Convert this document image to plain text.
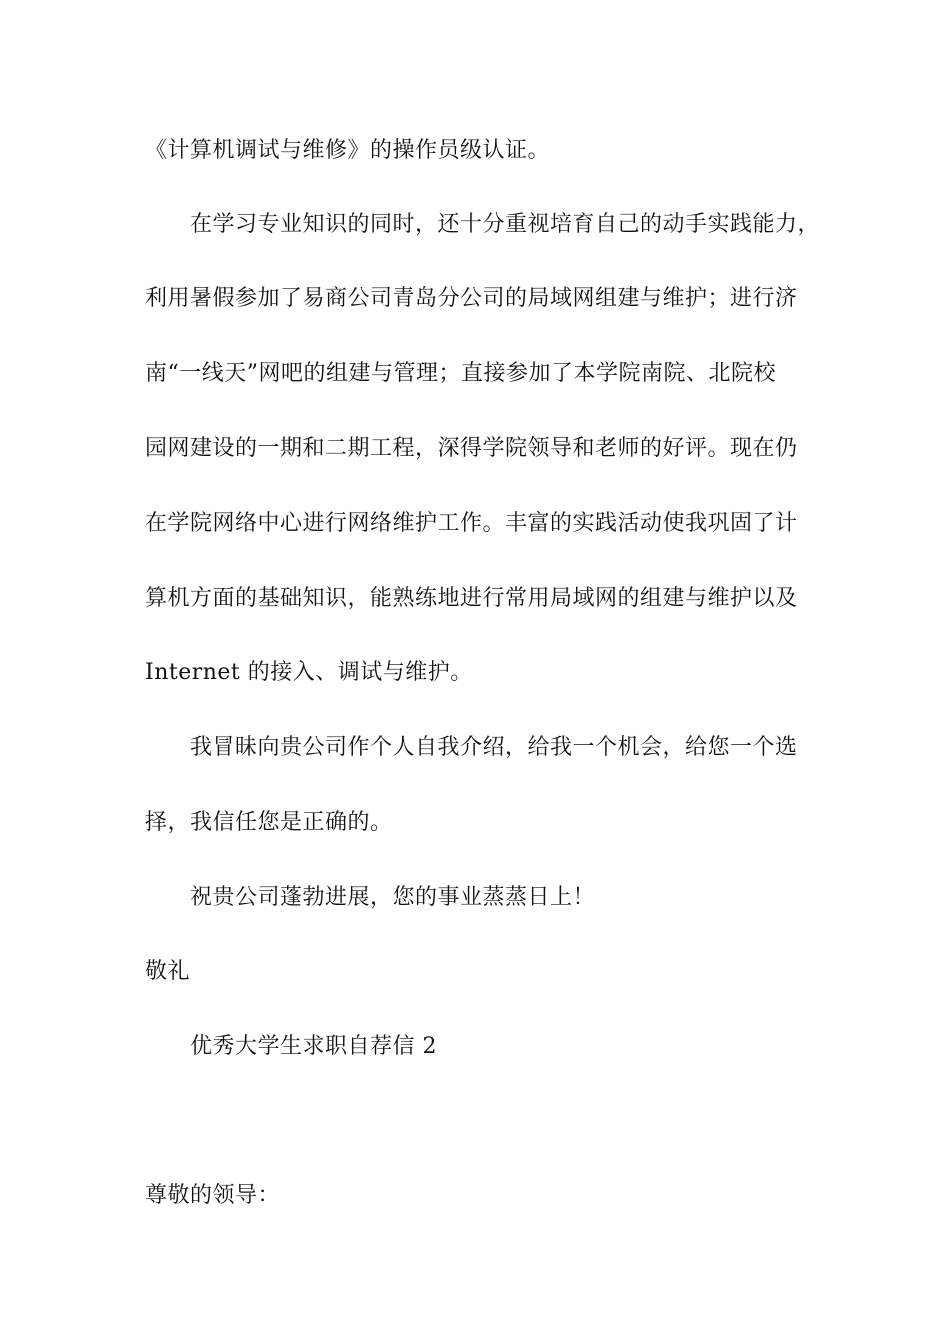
《计算机调试与维修》的操作员级认证。
在学习专业知识的同时，还十分重视培育自己的动手实践能力，
利用暑假参加了易商公司青岛分公司的局域网组建与维护；进行济
南“一线天”网吧的组建与管理；直接参加了本学院南院、北院校
园网建设的一期和二期工程，深得学院领导和老师的好评。现在仍
在学院网络中心进行网络维护工作。丰富的实践活动使我巩固了计
算机方面的基础知识，能熟练地进行常用局域网的组建与维护以及
Internet 的接入、调试与维护。
我冒昧向贵公司作个人自我介绍，给我一个机会，给您一个选
择，我信任您是正确的。
祝贵公司蓬勃进展，您的事业蒸蒸日上！
敬礼
优秀大学生求职自荐信 2
尊敬的领导：
